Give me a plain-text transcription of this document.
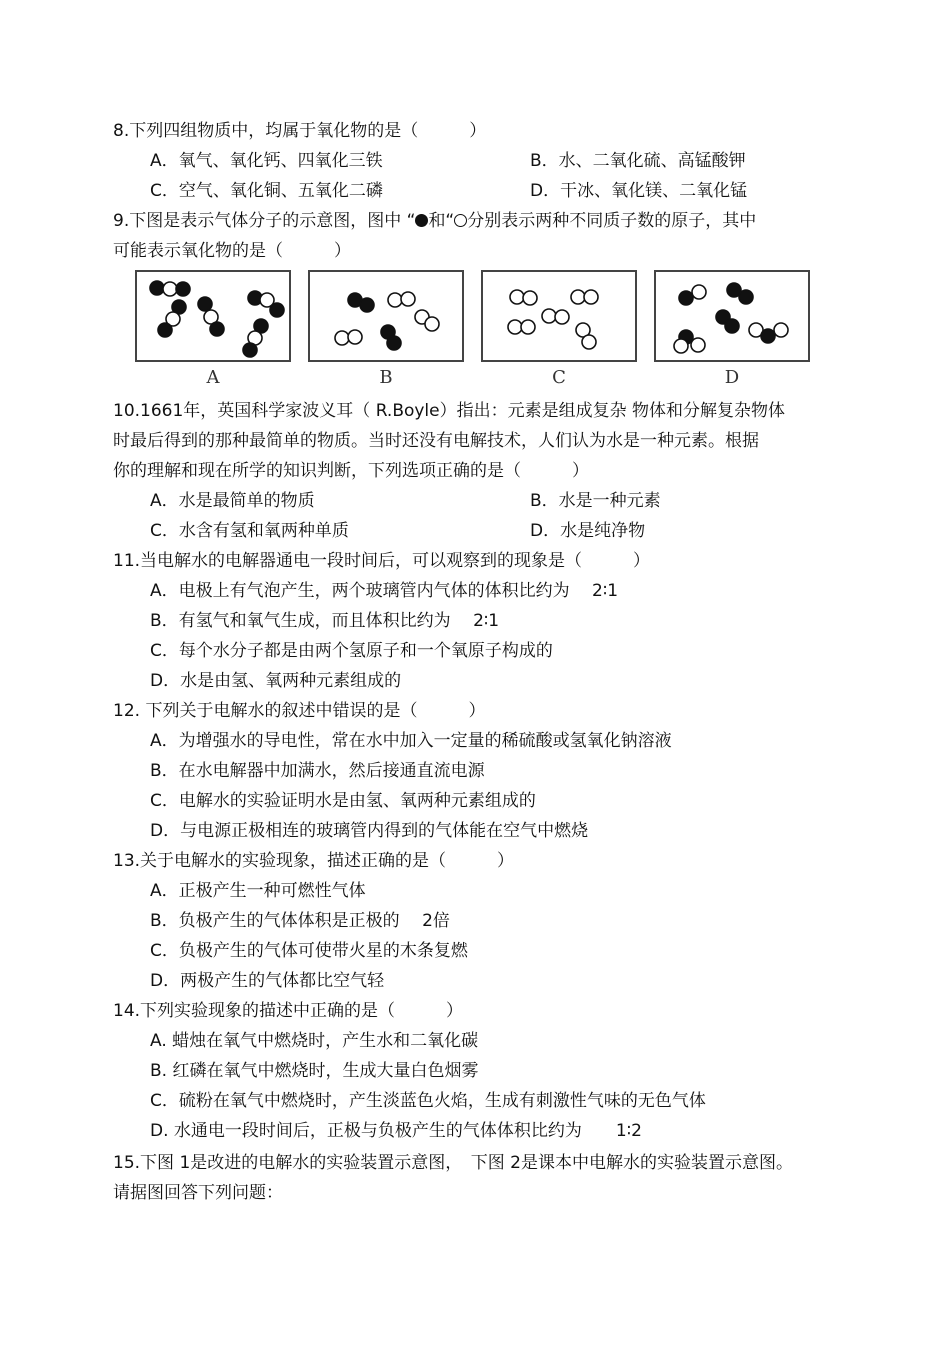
8.下列四组物质中，均属于氧化物的是（　　　）
A．氧气、氧化钙、四氧化三铁	B．水、二氧化硫、高锰酸钾
C．空气、氧化铜、五氧化二磷	D．干冰、氧化镁、二氧化锰
9.下图是表示气体分子的示意图，图中 “ 和“ 分别表示两种不同质子数的原子，其中
可能表示氧化物的是（　　　）
A	B	C	D
10.1661年，英国科学家波义耳（ R.Boyle）指出：元素是组成复杂 物体和分解复杂物体
时最后得到的那种最简单的物质。当时还没有电解技术，人们认为水是一种元素。根据
你的理解和现在所学的知识判断，下列选项正确的是（　　　）
A．水是最简单的物质	B．水是一种元素
C．水含有氢和氧两种单质	D．水是纯净物
11.当电解水的电解器通电一段时间后，可以观察到的现象是（　　　）
A．电极上有气泡产生，两个玻璃管内气体的体积比约为　 2∶1
B．有氢气和氧气生成，而且体积比约为　 2∶1
C．每个水分子都是由两个氢原子和一个氧原子构成的
D．水是由氢、氧两种元素组成的
12. 下列关于电解水的叙述中错误的是（　　　）
A．为增强水的导电性，常在水中加入一定量的稀硫酸或氢氧化钠溶液
B．在水电解器中加满水，然后接通直流电源
C．电解水的实验证明水是由氢、氧两种元素组成的
D．与电源正极相连的玻璃管内得到的气体能在空气中燃烧
13.关于电解水的实验现象，描述正确的是（　　　）
A．正极产生一种可燃性气体
B．负极产生的气体体积是正极的　 2倍
C．负极产生的气体可使带火星的木条复燃
D．两极产生的气体都比空气轻
14.下列实验现象的描述中正确的是（　　　）
A. 蜡烛在氧气中燃烧时，产生水和二氧化碳
B. 红磷在氧气中燃烧时，生成大量白色烟雾
C．硫粉在氧气中燃烧时，产生淡蓝色火焰，生成有刺激性气味的无色气体
D. 水通电一段时间后，正极与负极产生的气体体积比约为　　1∶2
15.下图 1是改进的电解水的实验装置示意图，　下图 2是课本中电解水的实验装置示意图。
请据图回答下列问题：
